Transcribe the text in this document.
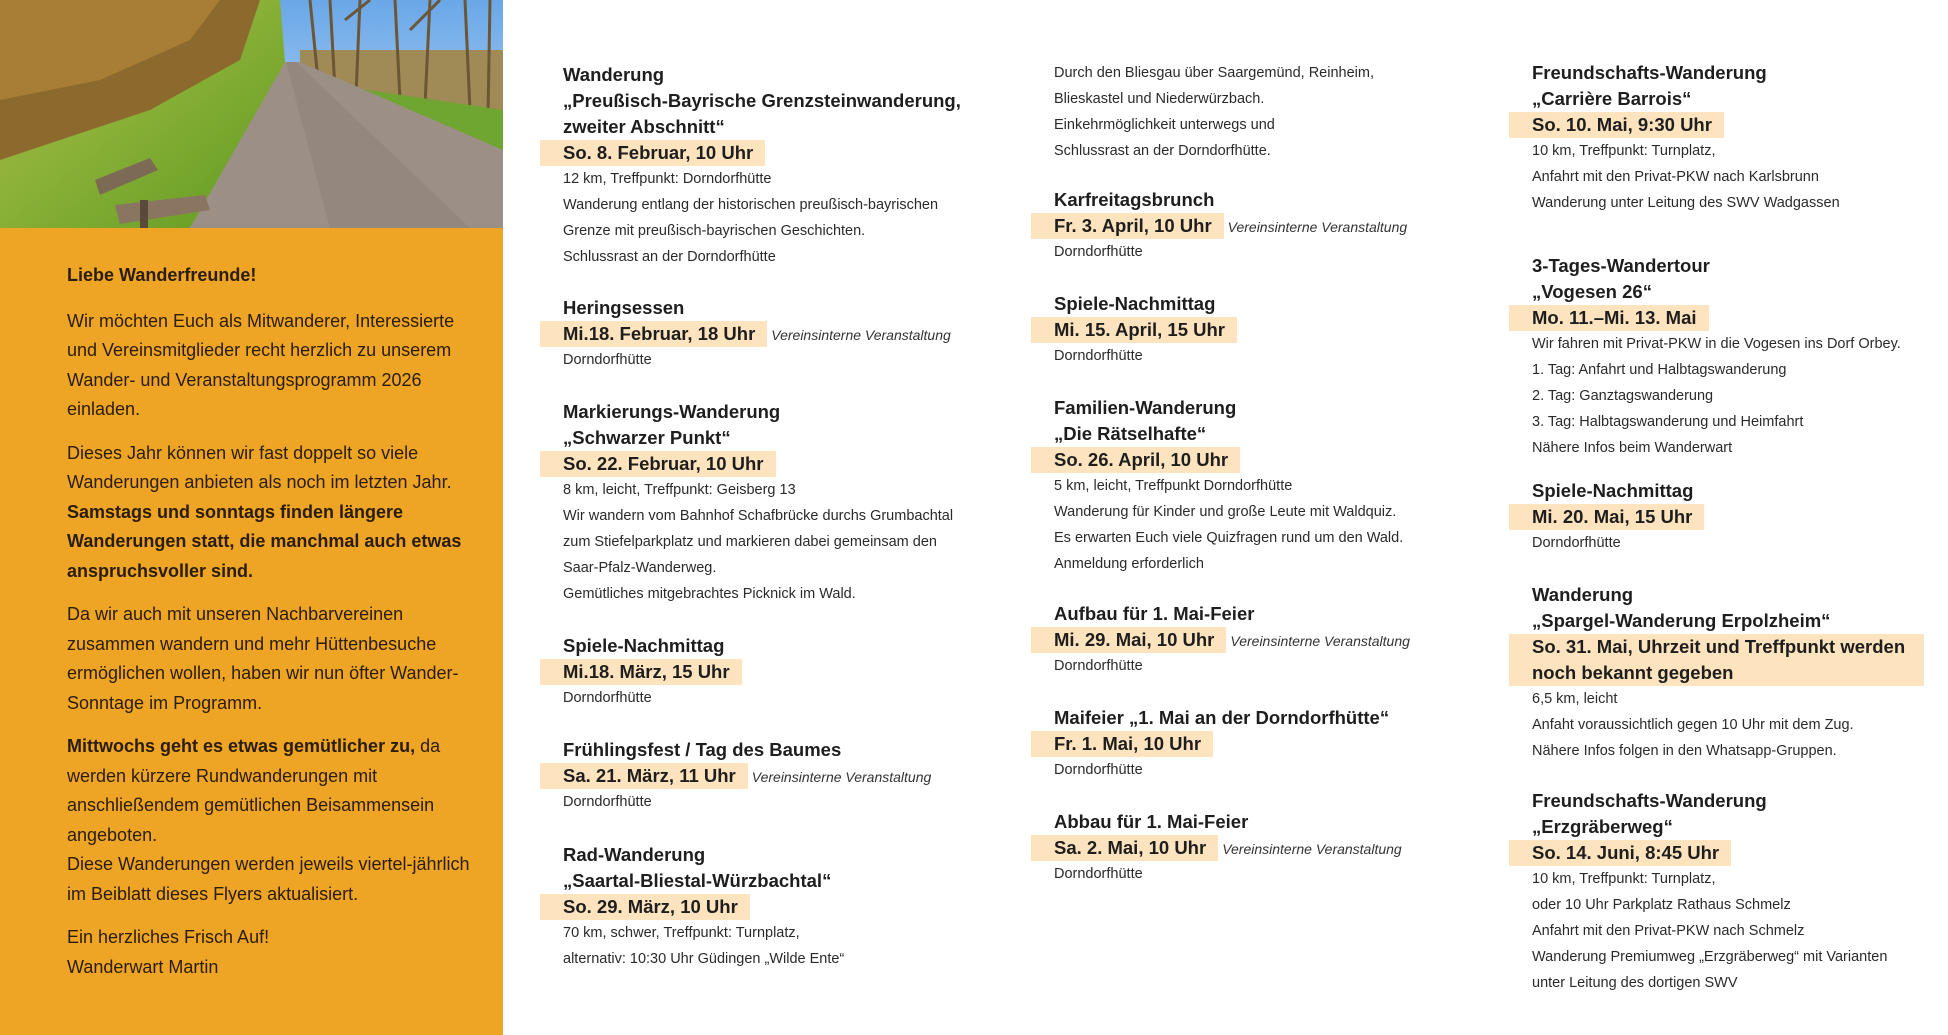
Liebe Wanderfreunde!

Wir möchten Euch als Mitwanderer, Interessierte und Vereinsmitglieder recht herzlich zu unserem Wander- und Veranstaltungsprogramm 2026 einladen.

Dieses Jahr können wir fast doppelt so viele Wanderungen anbieten als noch im letzten Jahr. Samstags und sonntags finden längere Wanderungen statt, die manchmal auch etwas anspruchsvoller sind.

Da wir auch mit unseren Nachbarvereinen zusammen wandern und mehr Hüttenbesuche ermöglichen wollen, haben wir nun öfter Wander-Sonntage im Programm.

Mittwochs geht es etwas gemütlicher zu, da werden kürzere Rundwanderungen mit anschließendem gemütlichen Beisammensein angeboten.
Diese Wanderungen werden jeweils viertel-jährlich im Beiblatt dieses Flyers aktualisiert.

Ein herzliches Frisch Auf!
Wanderwart Martin

Wanderung
„Preußisch-Bayrische Grenzsteinwanderung,
zweiter Abschnitt“
So. 8. Februar, 10 Uhr
12 km, Treffpunkt: Dorndorfhütte
Wanderung entlang der historischen preußisch-bayrischen
Grenze mit preußisch-bayrischen Geschichten.
Schlussrast an der Dorndorfhütte
Heringsessen
Mi.18. Februar, 18 Uhr Vereinsinterne Veranstaltung
Dorndorfhütte
Markierungs-Wanderung
„Schwarzer Punkt“
So. 22. Februar, 10 Uhr
8 km, leicht, Treffpunkt: Geisberg 13
Wir wandern vom Bahnhof Schafbrücke durchs Grumbachtal
zum Stiefelparkplatz und markieren dabei gemeinsam den
Saar-Pfalz-Wanderweg.
Gemütliches mitgebrachtes Picknick im Wald.
Spiele-Nachmittag
Mi.18. März, 15 Uhr
Dorndorfhütte
Frühlingsfest / Tag des Baumes
Sa. 21. März, 11 Uhr Vereinsinterne Veranstaltung
Dorndorfhütte
Rad-Wanderung
„Saartal-Bliestal-Würzbachtal“
So. 29. März, 10 Uhr
70 km, schwer, Treffpunkt: Turnplatz,
alternativ: 10:30 Uhr Güdingen „Wilde Ente“
Durch den Bliesgau über Saargemünd, Reinheim,
Blieskastel und Niederwürzbach.
Einkehrmöglichkeit unterwegs und
Schlussrast an der Dorndorfhütte.
Karfreitagsbrunch
Fr. 3. April, 10 Uhr Vereinsinterne Veranstaltung
Dorndorfhütte
Spiele-Nachmittag
Mi. 15. April, 15 Uhr
Dorndorfhütte
Familien-Wanderung
„Die Rätselhafte“
So. 26. April, 10 Uhr
5 km, leicht, Treffpunkt Dorndorfhütte
Wanderung für Kinder und große Leute mit Waldquiz.
Es erwarten Euch viele Quizfragen rund um den Wald.
Anmeldung erforderlich
Aufbau für 1. Mai-Feier
Mi. 29. Mai, 10 Uhr Vereinsinterne Veranstaltung
Dorndorfhütte
Maifeier „1. Mai an der Dorndorfhütte“
Fr. 1. Mai, 10 Uhr
Dorndorfhütte
Abbau für 1. Mai-Feier
Sa. 2. Mai, 10 Uhr Vereinsinterne Veranstaltung
Dorndorfhütte
Freundschafts-Wanderung
„Carrière Barrois“
So. 10. Mai, 9:30 Uhr
10 km, Treffpunkt: Turnplatz,
Anfahrt mit den Privat-PKW nach Karlsbrunn
Wanderung unter Leitung des SWV Wadgassen
3-Tages-Wandertour
„Vogesen 26“
Mo. 11.–Mi. 13. Mai
Wir fahren mit Privat-PKW in die Vogesen ins Dorf Orbey.
1. Tag: Anfahrt und Halbtagswanderung
2. Tag: Ganztagswanderung
3. Tag: Halbtagswanderung und Heimfahrt
Nähere Infos beim Wanderwart
Spiele-Nachmittag
Mi. 20. Mai, 15 Uhr
Dorndorfhütte
Wanderung
„Spargel-Wanderung Erpolzheim“
So. 31. Mai, Uhrzeit und Treffpunkt werden noch bekannt gegeben
6,5 km, leicht
Anfaht voraussichtlich gegen 10 Uhr mit dem Zug.
Nähere Infos folgen in den Whatsapp-Gruppen.
Freundschafts-Wanderung
„Erzgräberweg“
So. 14. Juni, 8:45 Uhr
10 km, Treffpunkt: Turnplatz,
oder 10 Uhr Parkplatz Rathaus Schmelz
Anfahrt mit den Privat-PKW nach Schmelz
Wanderung Premiumweg „Erzgräberweg“ mit Varianten
unter Leitung des dortigen SWV
